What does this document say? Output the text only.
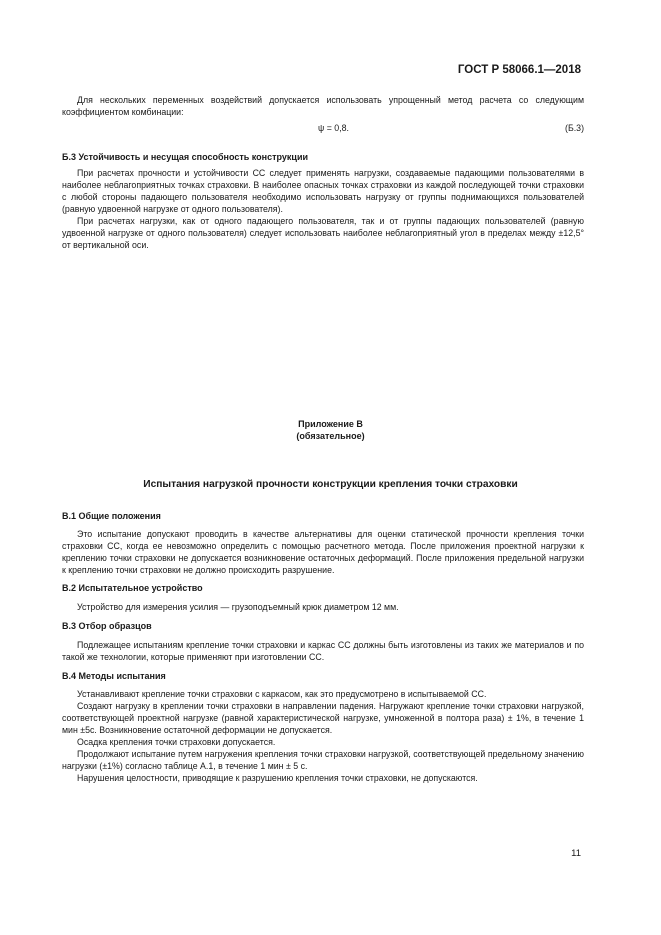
ГОСТ Р 58066.1—2018

Для нескольких переменных воздействий допускается использовать упрощенный метод расчета со следующим коэффициентом комбинации:

ψ = 0,8.	(Б.3)
Б.3 Устойчивость и несущая способность конструкции

При расчетах прочности и устойчивости СС следует применять нагрузки, создаваемые падающими пользователями в наиболее неблагоприятных точках страховки. В наиболее опасных точках страховки из каждой последующей точки страховки с любой стороны падающего пользователя необходимо использовать нагрузку от группы поднимающихся пользователей (равную удвоенной нагрузке от одного пользователя).

При расчетах нагрузки, как от одного падающего пользователя, так и от группы падающих пользователей (равную удвоенной нагрузке от одного пользователя) следует использовать наиболее неблагоприятный угол в пределах между ±12,5° от вертикальной оси.

Приложение В
(обязательное)
Испытания нагрузкой прочности конструкции крепления точки страховки
В.1 Общие положения

Это испытание допускают проводить в качестве альтернативы для оценки статической прочности крепления точки страховки СС, когда ее невозможно определить с помощью расчетного метода. После приложения проектной нагрузки к креплению точки страховки не допускается возникновение остаточных деформаций. После приложения предельной нагрузки к креплению точки страховки не должно происходить разрушение.

В.2 Испытательное устройство

Устройство для измерения усилия — грузоподъемный крюк диаметром 12 мм.

В.3 Отбор образцов

Подлежащее испытаниям крепление точки страховки и каркас СС должны быть изготовлены из таких же материалов и по такой же технологии, которые применяют при изготовлении СС.

В.4 Методы испытания

Устанавливают крепление точки страховки с каркасом, как это предусмотрено в испытываемой СС.

Создают нагрузку в креплении точки страховки в направлении падения. Нагружают крепление точки страховки нагрузкой, соответствующей проектной нагрузке (равной характеристической нагрузке, умноженной в полтора раза) ± 1%, в течение 1 мин ±5с. Возникновение остаточной деформации не допускается.

Осадка крепления точки страховки допускается.

Продолжают испытание путем нагружения крепления точки страховки нагрузкой, соответствующей предельному значению нагрузки (±1%) согласно таблице А.1, в течение 1 мин ± 5 с.

Нарушения целостности, приводящие к разрушению крепления точки страховки, не допускаются.

11
